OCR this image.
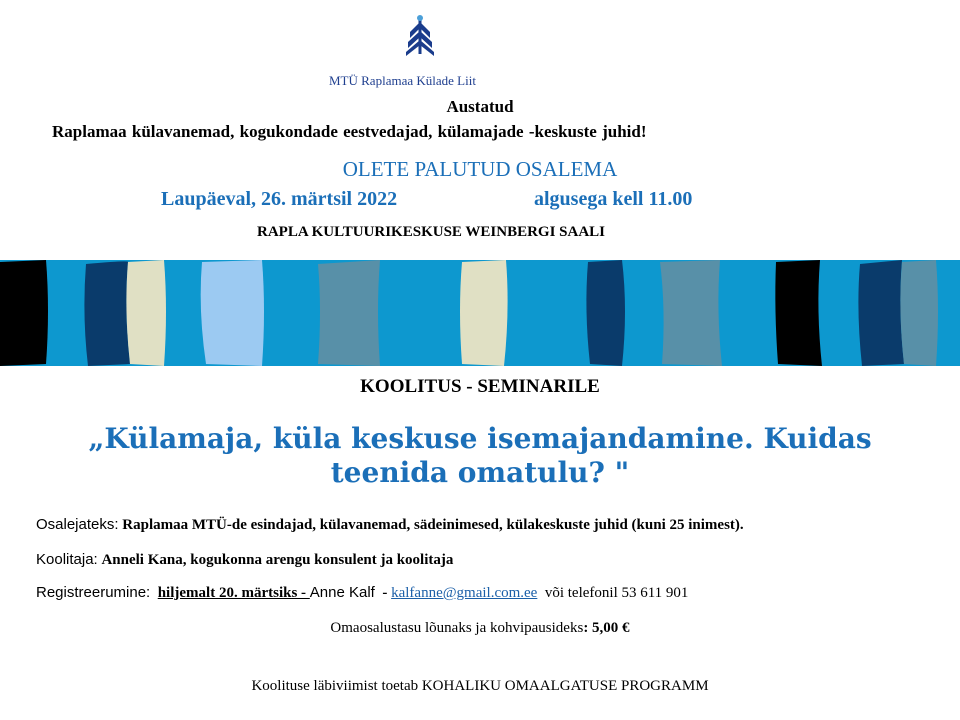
MTÜ Raplamaa Külade Liit
Austatud
Raplamaa külavanemad, kogukondade eestvedajad, külamajade -keskuste juhid!
OLETE PALUTUD OSALEMA
Laupäeval, 26. märtsil 2022	algusega kell 11.00
RAPLA KULTUURIKESKUSE WEINBERGI SAALI
KOOLITUS - SEMINARILE
„Külamaja, küla keskuse isemajandamine. Kuidas
teenida omatulu? "
Osalejateks: Raplamaa MTÜ-de esindajad, külavanemad, sädeinimesed, külakeskuste juhid (kuni 25 inimest).
Koolitaja: Anneli Kana, kogukonna arengu konsulent ja koolitaja
Registreerumine: hiljemalt 20. märtsiks - Anne Kalf - kalfanne@gmail.com.ee või telefonil 53 611 901
Omaosalustasu lõunaks ja kohvipausideks: 5,00 €
Koolituse läbiviimist toetab KOHALIKU OMAALGATUSE PROGRAMM
